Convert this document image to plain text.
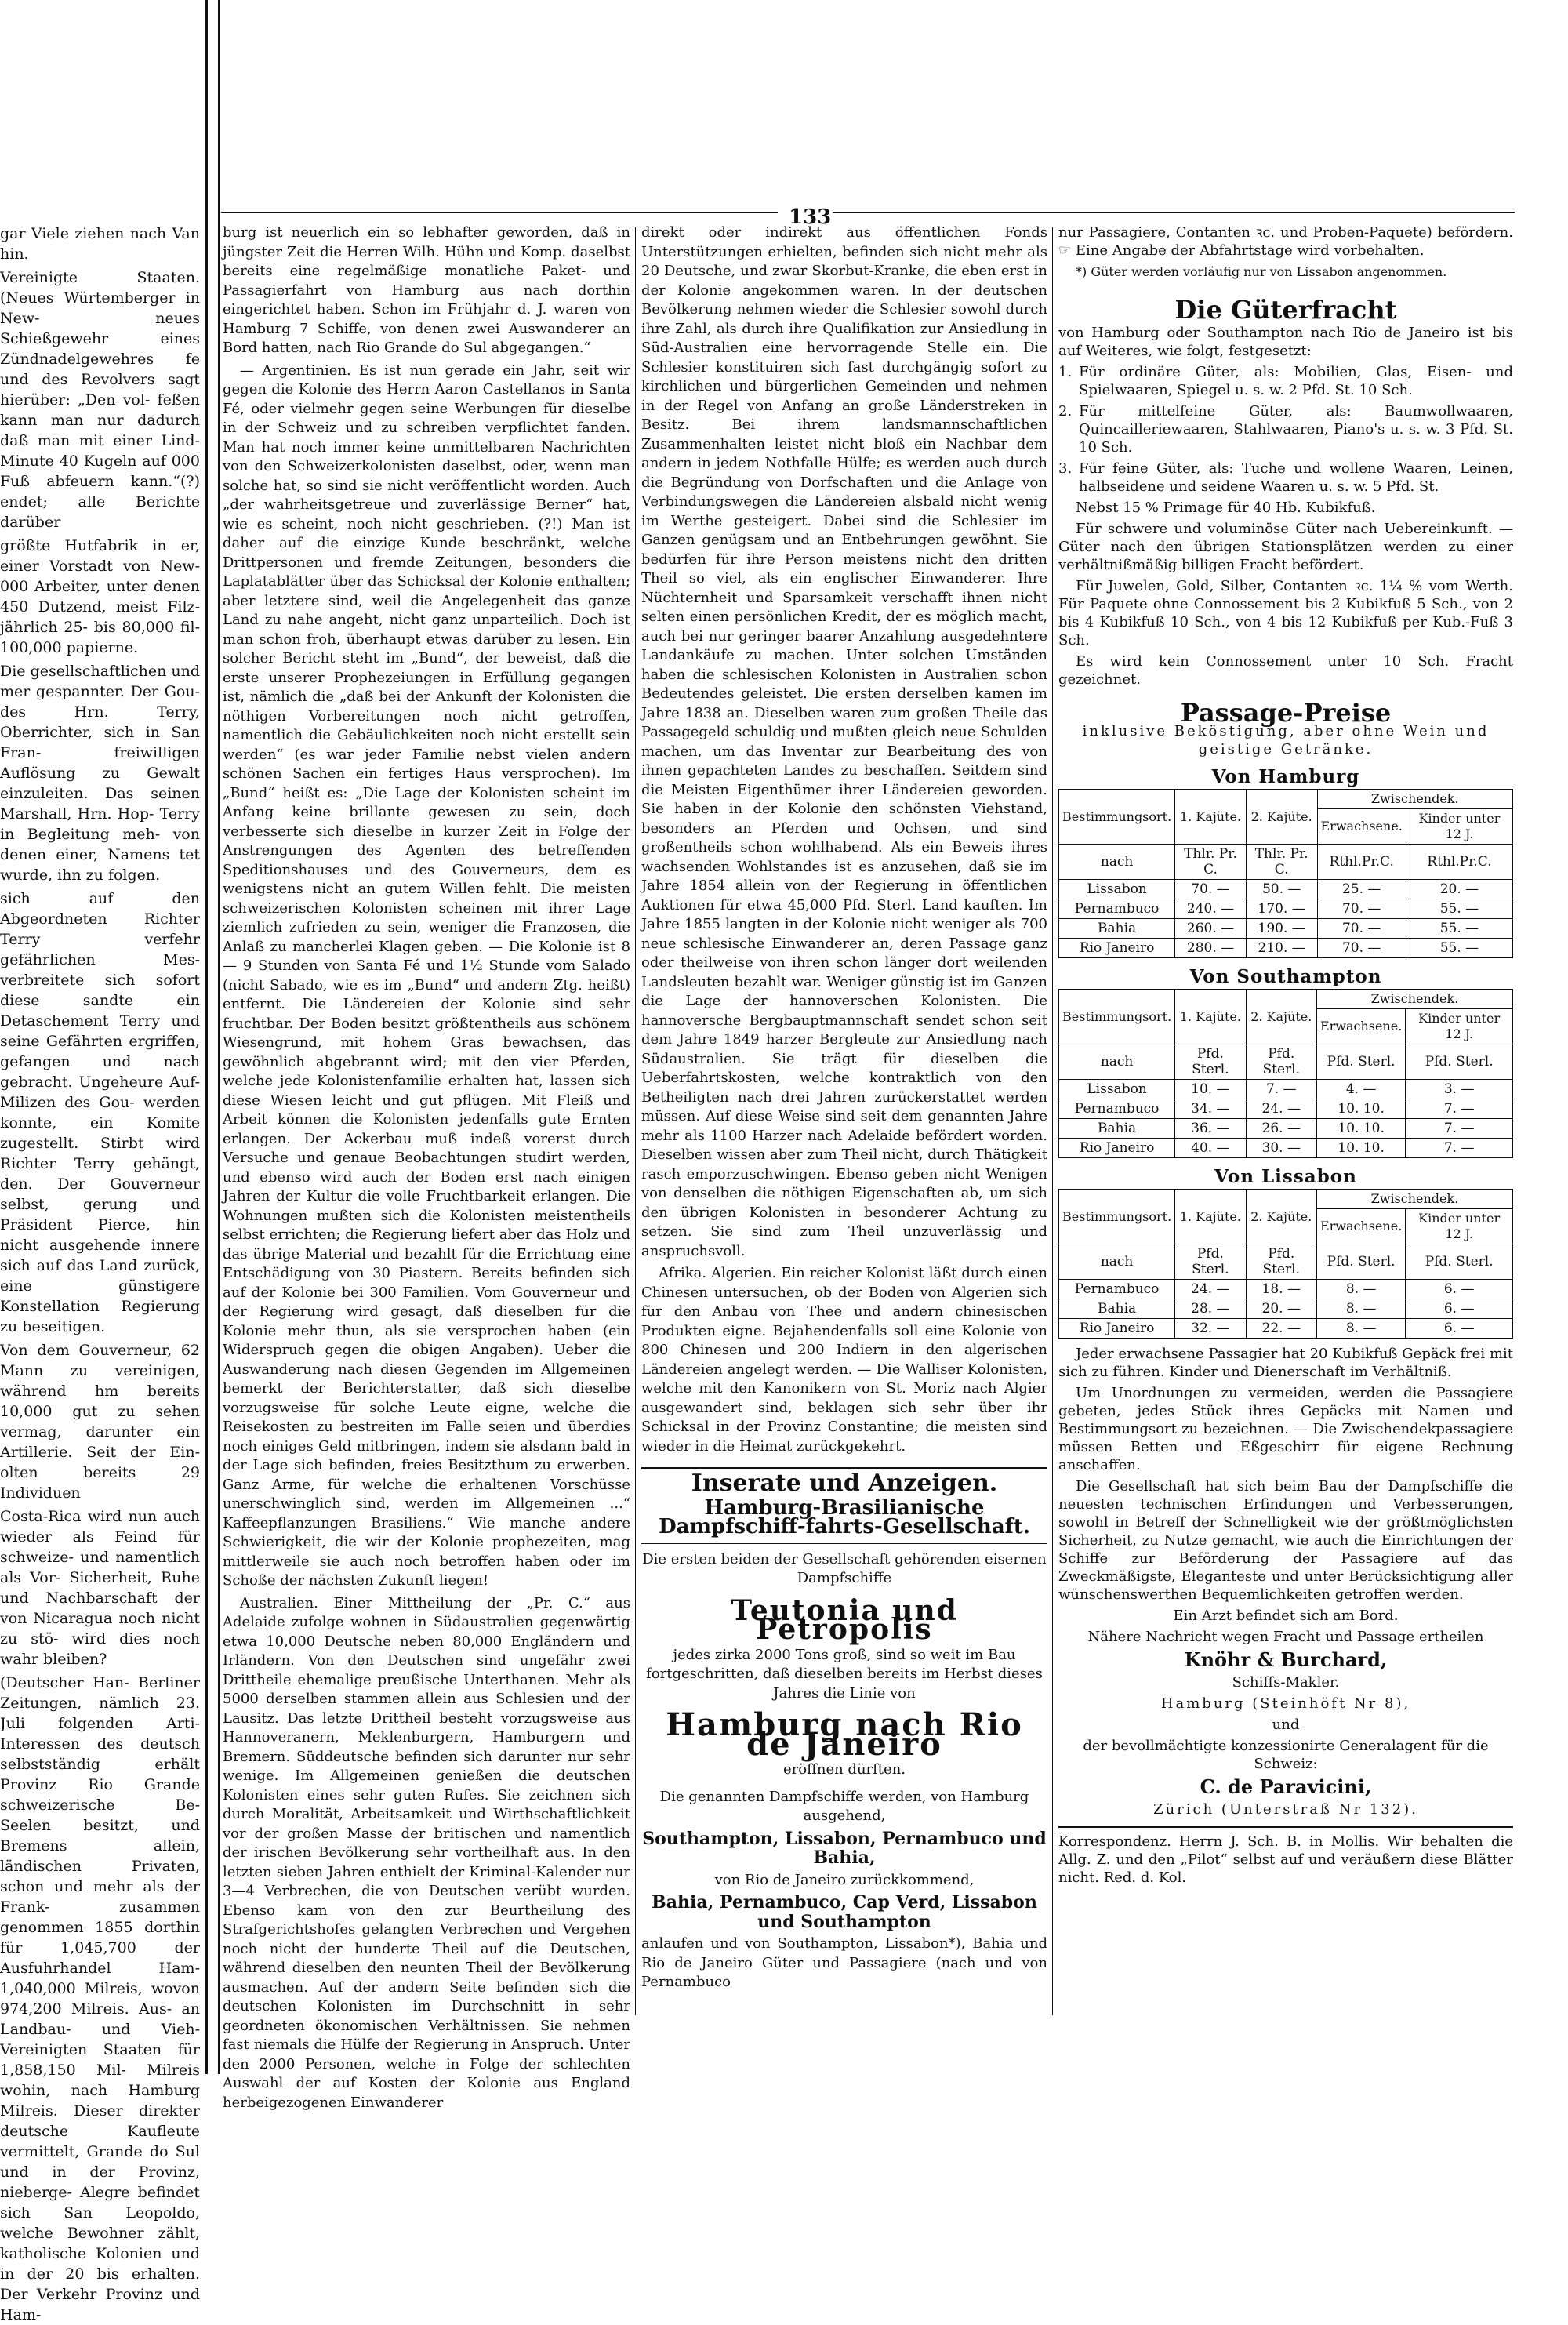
133

gar Viele ziehen nach Van hin.

Vereinigte Staaten. (Neues Würtemberger in New- neues Schießgewehr eines Zündnadelgewehres fe und des Revolvers sagt hierüber: „Den vol- feßen kann man nur dadurch daß man mit einer Lind- Minute 40 Kugeln auf 000 Fuß abfeuern kann.“(?) endet; alle Berichte darüber

größte Hutfabrik in er, einer Vorstadt von New- 000 Arbeiter, unter denen 450 Dutzend, meist Filz- jährlich 25- bis 80,000 fil- 100,000 papierne.

Die gesellschaftlichen und mer gespannter. Der Gou- des Hrn. Terry, Oberrichter, sich in San Fran- freiwilligen Auflösung zu Gewalt einzuleiten. Das seinen Marshall, Hrn. Hop- Terry in Begleitung meh- von denen einer, Namens tet wurde, ihn zu folgen.

sich auf den Abgeordneten Richter Terry verfehr gefährlichen Mes- verbreitete sich sofort diese sandte ein Detaschement Terry und seine Gefährten ergriffen, gefangen und nach gebracht. Ungeheure Auf- Milizen des Gou- werden konnte, ein Komite zugestellt. Stirbt wird Richter Terry gehängt, den. Der Gouverneur selbst, gerung und Präsident Pierce, hin nicht ausgehende innere sich auf das Land zurück, eine günstigere Konstellation Regierung zu beseitigen.

Von dem Gouverneur, 62 Mann zu vereinigen, während hm bereits 10,000 gut zu sehen vermag, darunter ein Artillerie. Seit der Ein- olten bereits 29 Individuen

Costa-Rica wird nun auch wieder als Feind für schweize- und namentlich als Vor- Sicherheit, Ruhe und Nachbarschaft der von Nicaragua noch nicht zu stö- wird dies noch wahr bleiben?

(Deutscher Han- Berliner Zeitungen, nämlich 23. Juli folgenden Arti- Interessen des deutsch selbstständig erhält Provinz Rio Grande schweizerische Be- Seelen besitzt, und Bremens allein, ländischen Privaten, schon und mehr als der Frank- zusammen genommen 1855 dorthin für 1,045,700 der Ausfuhrhandel Ham- 1,040,000 Milreis, wovon 974,200 Milreis. Aus- an Landbau- und Vieh- Vereinigten Staaten für 1,858,150 Mil- Milreis wohin, nach Hamburg Milreis. Dieser direkter deutsche Kaufleute vermittelt, Grande do Sul und in der Provinz, nieberge- Alegre befindet sich San Leopoldo, welche Bewohner zählt, katholische Kolonien und in der 20 bis erhalten. Der Verkehr Provinz und Ham-

burg ist neuerlich ein so lebhafter geworden, daß in jüngster Zeit die Herren Wilh. Hühn und Komp. daselbst bereits eine regelmäßige monatliche Paket- und Passagierfahrt von Hamburg aus nach dorthin eingerichtet haben. Schon im Frühjahr d. J. waren von Hamburg 7 Schiffe, von denen zwei Auswanderer an Bord hatten, nach Rio Grande do Sul abgegangen.“

— Argentinien. Es ist nun gerade ein Jahr, seit wir gegen die Kolonie des Herrn Aaron Castellanos in Santa Fé, oder vielmehr gegen seine Werbungen für dieselbe in der Schweiz und zu schreiben verpflichtet fanden. Man hat noch immer keine unmittelbaren Nachrichten von den Schweizerkolonisten daselbst, oder, wenn man solche hat, so sind sie nicht veröffentlicht worden. Auch „der wahrheitsgetreue und zuverlässige Berner“ hat, wie es scheint, noch nicht geschrieben. (?!) Man ist daher auf die einzige Kunde beschränkt, welche Drittpersonen und fremde Zeitungen, besonders die Laplatablätter über das Schicksal der Kolonie enthalten; aber letztere sind, weil die Angelegenheit das ganze Land zu nahe angeht, nicht ganz unparteilich. Doch ist man schon froh, überhaupt etwas darüber zu lesen. Ein solcher Bericht steht im „Bund“, der beweist, daß die erste unserer Prophezeiungen in Erfüllung gegangen ist, nämlich die „daß bei der Ankunft der Kolonisten die nöthigen Vorbereitungen noch nicht getroffen, namentlich die Gebäulichkeiten noch nicht erstellt sein werden“ (es war jeder Familie nebst vielen andern schönen Sachen ein fertiges Haus versprochen). Im „Bund“ heißt es: „Die Lage der Kolonisten scheint im Anfang keine brillante gewesen zu sein, doch verbesserte sich dieselbe in kurzer Zeit in Folge der Anstrengungen des Agenten des betreffenden Speditionshauses und des Gouverneurs, dem es wenigstens nicht an gutem Willen fehlt. Die meisten schweizerischen Kolonisten scheinen mit ihrer Lage ziemlich zufrieden zu sein, weniger die Franzosen, die Anlaß zu mancherlei Klagen geben. — Die Kolonie ist 8 — 9 Stunden von Santa Fé und 1½ Stunde vom Salado (nicht Sabado, wie es im „Bund“ und andern Ztg. heißt) entfernt. Die Ländereien der Kolonie sind sehr fruchtbar. Der Boden besitzt größtentheils aus schönem Wiesengrund, mit hohem Gras bewachsen, das gewöhnlich abgebrannt wird; mit den vier Pferden, welche jede Kolonistenfamilie erhalten hat, lassen sich diese Wiesen leicht und gut pflügen. Mit Fleiß und Arbeit können die Kolonisten jedenfalls gute Ernten erlangen. Der Ackerbau muß indeß vorerst durch Versuche und genaue Beobachtungen studirt werden, und ebenso wird auch der Boden erst nach einigen Jahren der Kultur die volle Fruchtbarkeit erlangen. Die Wohnungen mußten sich die Kolonisten meistentheils selbst errichten; die Regierung liefert aber das Holz und das übrige Material und bezahlt für die Errichtung eine Entschädigung von 30 Piastern. Bereits befinden sich auf der Kolonie bei 300 Familien. Vom Gouverneur und der Regierung wird gesagt, daß dieselben für die Kolonie mehr thun, als sie versprochen haben (ein Widerspruch gegen die obigen Angaben). Ueber die Auswanderung nach diesen Gegenden im Allgemeinen bemerkt der Berichterstatter, daß sich dieselbe vorzugsweise für solche Leute eigne, welche die Reisekosten zu bestreiten im Falle seien und überdies noch einiges Geld mitbringen, indem sie alsdann bald in der Lage sich befinden, freies Besitzthum zu erwerben. Ganz Arme, für welche die erhaltenen Vorschüsse unerschwinglich sind, werden im Allgemeinen ...“ Kaffeepflanzungen Brasiliens.“ Wie manche andere Schwierigkeit, die wir der Kolonie prophezeiten, mag mittlerweile sie auch noch betroffen haben oder im Schoße der nächsten Zukunft liegen!

Australien. Einer Mittheilung der „Pr. C.“ aus Adelaide zufolge wohnen in Südaustralien gegenwärtig etwa 10,000 Deutsche neben 80,000 Engländern und Irländern. Von den Deutschen sind ungefähr zwei Drittheile ehemalige preußische Unterthanen. Mehr als 5000 derselben stammen allein aus Schlesien und der Lausitz. Das letzte Drittheil besteht vorzugsweise aus Hannoveranern, Meklenburgern, Hamburgern und Bremern. Süddeutsche befinden sich darunter nur sehr wenige. Im Allgemeinen genießen die deutschen Kolonisten eines sehr guten Rufes. Sie zeichnen sich durch Moralität, Arbeitsamkeit und Wirthschaftlichkeit vor der großen Masse der britischen und namentlich der irischen Bevölkerung sehr vortheilhaft aus. In den letzten sieben Jahren enthielt der Kriminal-Kalender nur 3—4 Verbrechen, die von Deutschen verübt wurden. Ebenso kam von den zur Beurtheilung des Strafgerichtshofes gelangten Verbrechen und Vergehen noch nicht der hunderte Theil auf die Deutschen, während dieselben den neunten Theil der Bevölkerung ausmachen. Auf der andern Seite befinden sich die deutschen Kolonisten im Durchschnitt in sehr geordneten ökonomischen Verhältnissen. Sie nehmen fast niemals die Hülfe der Regierung in Anspruch. Unter den 2000 Personen, welche in Folge der schlechten Auswahl der auf Kosten der Kolonie aus England herbeigezogenen Einwanderer

direkt oder indirekt aus öffentlichen Fonds Unterstützungen erhielten, befinden sich nicht mehr als 20 Deutsche, und zwar Skorbut-Kranke, die eben erst in der Kolonie angekommen waren. In der deutschen Bevölkerung nehmen wieder die Schlesier sowohl durch ihre Zahl, als durch ihre Qualifikation zur Ansiedlung in Süd-Australien eine hervorragende Stelle ein. Die Schlesier konstituiren sich fast durchgängig sofort zu kirchlichen und bürgerlichen Gemeinden und nehmen in der Regel von Anfang an große Länderstreken in Besitz. Bei ihrem landsmannschaftlichen Zusammenhalten leistet nicht bloß ein Nachbar dem andern in jedem Nothfalle Hülfe; es werden auch durch die Begründung von Dorfschaften und die Anlage von Verbindungswegen die Ländereien alsbald nicht wenig im Werthe gesteigert. Dabei sind die Schlesier im Ganzen genügsam und an Entbehrungen gewöhnt. Sie bedürfen für ihre Person meistens nicht den dritten Theil so viel, als ein englischer Einwanderer. Ihre Nüchternheit und Sparsamkeit verschafft ihnen nicht selten einen persönlichen Kredit, der es möglich macht, auch bei nur geringer baarer Anzahlung ausgedehntere Landankäufe zu machen. Unter solchen Umständen haben die schlesischen Kolonisten in Australien schon Bedeutendes geleistet. Die ersten derselben kamen im Jahre 1838 an. Dieselben waren zum großen Theile das Passagegeld schuldig und mußten gleich neue Schulden machen, um das Inventar zur Bearbeitung des von ihnen gepachteten Landes zu beschaffen. Seitdem sind die Meisten Eigenthümer ihrer Ländereien geworden. Sie haben in der Kolonie den schönsten Viehstand, besonders an Pferden und Ochsen, und sind großentheils schon wohlhabend. Als ein Beweis ihres wachsenden Wohlstandes ist es anzusehen, daß sie im Jahre 1854 allein von der Regierung in öffentlichen Auktionen für etwa 45,000 Pfd. Sterl. Land kauften. Im Jahre 1855 langten in der Kolonie nicht weniger als 700 neue schlesische Einwanderer an, deren Passage ganz oder theilweise von ihren schon länger dort weilenden Landsleuten bezahlt war. Weniger günstig ist im Ganzen die Lage der hannoverschen Kolonisten. Die hannoversche Bergbauptmannschaft sendet schon seit dem Jahre 1849 harzer Bergleute zur Ansiedlung nach Südaustralien. Sie trägt für dieselben die Ueberfahrtskosten, welche kontraktlich von den Betheiligten nach drei Jahren zurückerstattet werden müssen. Auf diese Weise sind seit dem genannten Jahre mehr als 1100 Harzer nach Adelaide befördert worden. Dieselben wissen aber zum Theil nicht, durch Thätigkeit rasch emporzuschwingen. Ebenso geben nicht Wenigen von denselben die nöthigen Eigenschaften ab, um sich den übrigen Kolonisten in besonderer Achtung zu setzen. Sie sind zum Theil unzuverlässig und anspruchsvoll.

Afrika. Algerien. Ein reicher Kolonist läßt durch einen Chinesen untersuchen, ob der Boden von Algerien sich für den Anbau von Thee und andern chinesischen Produkten eigne. Bejahendenfalls soll eine Kolonie von 800 Chinesen und 200 Indiern in den algerischen Ländereien angelegt werden. — Die Walliser Kolonisten, welche mit den Kanonikern von St. Moriz nach Algier ausgewandert sind, beklagen sich sehr über ihr Schicksal in der Provinz Constantine; die meisten sind wieder in die Heimat zurückgekehrt.

Inserate und Anzeigen.
Hamburg-Brasilianische Dampfschiff-fahrts-Gesellschaft.

Die ersten beiden der Gesellschaft gehörenden eisernen Dampfschiffe

Teutonia und Petropolis

jedes zirka 2000 Tons groß, sind so weit im Bau fortgeschritten, daß dieselben bereits im Herbst dieses Jahres die Linie von

Hamburg nach Rio de Janeiro

eröffnen dürften.

Die genannten Dampfschiffe werden, von Hamburg ausgehend,

Southampton, Lissabon, Pernambuco und Bahia,

von Rio de Janeiro zurückkommend,

Bahia, Pernambuco, Cap Verd, Lissabon und Southampton

anlaufen und von Southampton, Lissabon*), Bahia und Rio de Janeiro Güter und Passagiere (nach und von Pernambuco

nur Passagiere, Contanten ꝛc. und Proben-Paquete) befördern. ☞ Eine Angabe der Abfahrtstage wird vorbehalten.

*) Güter werden vorläufig nur von Lissabon angenommen.

Die Güterfracht

von Hamburg oder Southampton nach Rio de Janeiro ist bis auf Weiteres, wie folgt, festgesetzt:

1. Für ordinäre Güter, als: Mobilien, Glas, Eisen- und Spielwaaren, Spiegel u. s. w. 2 Pfd. St. 10 Sch.

2. Für mittelfeine Güter, als: Baumwollwaaren, Quincailleriewaaren, Stahlwaaren, Piano's u. s. w. 3 Pfd. St. 10 Sch.

3. Für feine Güter, als: Tuche und wollene Waaren, Leinen, halbseidene und seidene Waaren u. s. w. 5 Pfd. St.

Nebst 15 % Primage für 40 Hb. Kubikfuß.

Für schwere und voluminöse Güter nach Uebereinkunft. — Güter nach den übrigen Stationsplätzen werden zu einer verhältnißmäßig billigen Fracht befördert.

Für Juwelen, Gold, Silber, Contanten ꝛc. 1¼ % vom Werth. Für Paquete ohne Connossement bis 2 Kubikfuß 5 Sch., von 2 bis 4 Kubikfuß 10 Sch., von 4 bis 12 Kubikfuß per Kub.-Fuß 3 Sch.

Es wird kein Connossement unter 10 Sch. Fracht gezeichnet.

Passage-Preise

inklusive Beköstigung, aber ohne Wein und geistige Getränke.

Von Hamburg
Bestimmungsort.	1. Kajüte.	2. Kajüte.	Zwischendek.	
			Erwachsene.	Kinder unter 12 J.
nach	Thlr. Pr. C.	Thlr. Pr. C.	Rthl.Pr.C.	Rthl.Pr.C.
Lissabon	70. —	50. —	25. —	20. —
Pernambuco	240. —	170. —	70. —	55. —
Bahia	260. —	190. —	70. —	55. —
Rio Janeiro	280. —	210. —	70. —	55. —
Von Southampton
Bestimmungsort.	1. Kajüte.	2. Kajüte.	Zwischendek.	
			Erwachsene.	Kinder unter 12 J.
nach	Pfd. Sterl.	Pfd. Sterl.	Pfd. Sterl.	Pfd. Sterl.
Lissabon	10. —	7. —	4. —	3. —
Pernambuco	34. —	24. —	10. 10.	7. —
Bahia	36. —	26. —	10. 10.	7. —
Rio Janeiro	40. —	30. —	10. 10.	7. —
Von Lissabon
Bestimmungsort.	1. Kajüte.	2. Kajüte.	Zwischendek.	
			Erwachsene.	Kinder unter 12 J.
nach	Pfd. Sterl.	Pfd. Sterl.	Pfd. Sterl.	Pfd. Sterl.
Pernambuco	24. —	18. —	8. —	6. —
Bahia	28. —	20. —	8. —	6. —
Rio Janeiro	32. —	22. —	8. —	6. —

Jeder erwachsene Passagier hat 20 Kubikfuß Gepäck frei mit sich zu führen. Kinder und Dienerschaft im Verhältniß.

Um Unordnungen zu vermeiden, werden die Passagiere gebeten, jedes Stück ihres Gepäcks mit Namen und Bestimmungsort zu bezeichnen. — Die Zwischendekpassagiere müssen Betten und Eßgeschirr für eigene Rechnung anschaffen.

Die Gesellschaft hat sich beim Bau der Dampfschiffe die neuesten technischen Erfindungen und Verbesserungen, sowohl in Betreff der Schnelligkeit wie der größtmöglichsten Sicherheit, zu Nutze gemacht, wie auch die Einrichtungen der Schiffe zur Beförderung der Passagiere auf das Zweckmäßigste, Eleganteste und unter Berücksichtigung aller wünschenswerthen Bequemlichkeiten getroffen werden.

Ein Arzt befindet sich am Bord.

Nähere Nachricht wegen Fracht und Passage ertheilen

Knöhr & Burchard,

Schiffs-Makler.

Hamburg (Steinhöft Nr 8),

und

der bevollmächtigte konzessionirte Generalagent für die Schweiz:

C. de Paravicini,

Zürich (Unterstraß Nr 132).

Korrespondenz. Herrn J. Sch. B. in Mollis. Wir behalten die Allg. Z. und den „Pilot“ selbst auf und veräußern diese Blätter nicht. Red. d. Kol.
